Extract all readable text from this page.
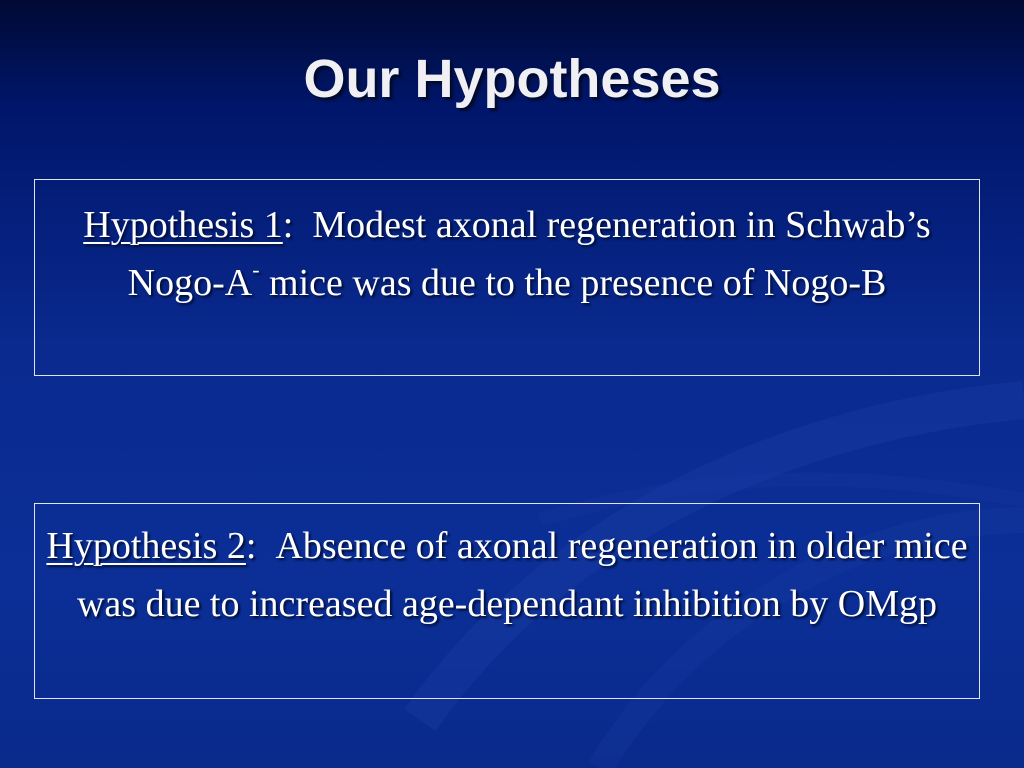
Our Hypotheses
Hypothesis 1: Modest axonal regeneration in Schwab’s Nogo-A- mice was due to the presence of Nogo-B
Hypothesis 2: Absence of axonal regeneration in older mice was due to increased age-dependant inhibition by OMgp
